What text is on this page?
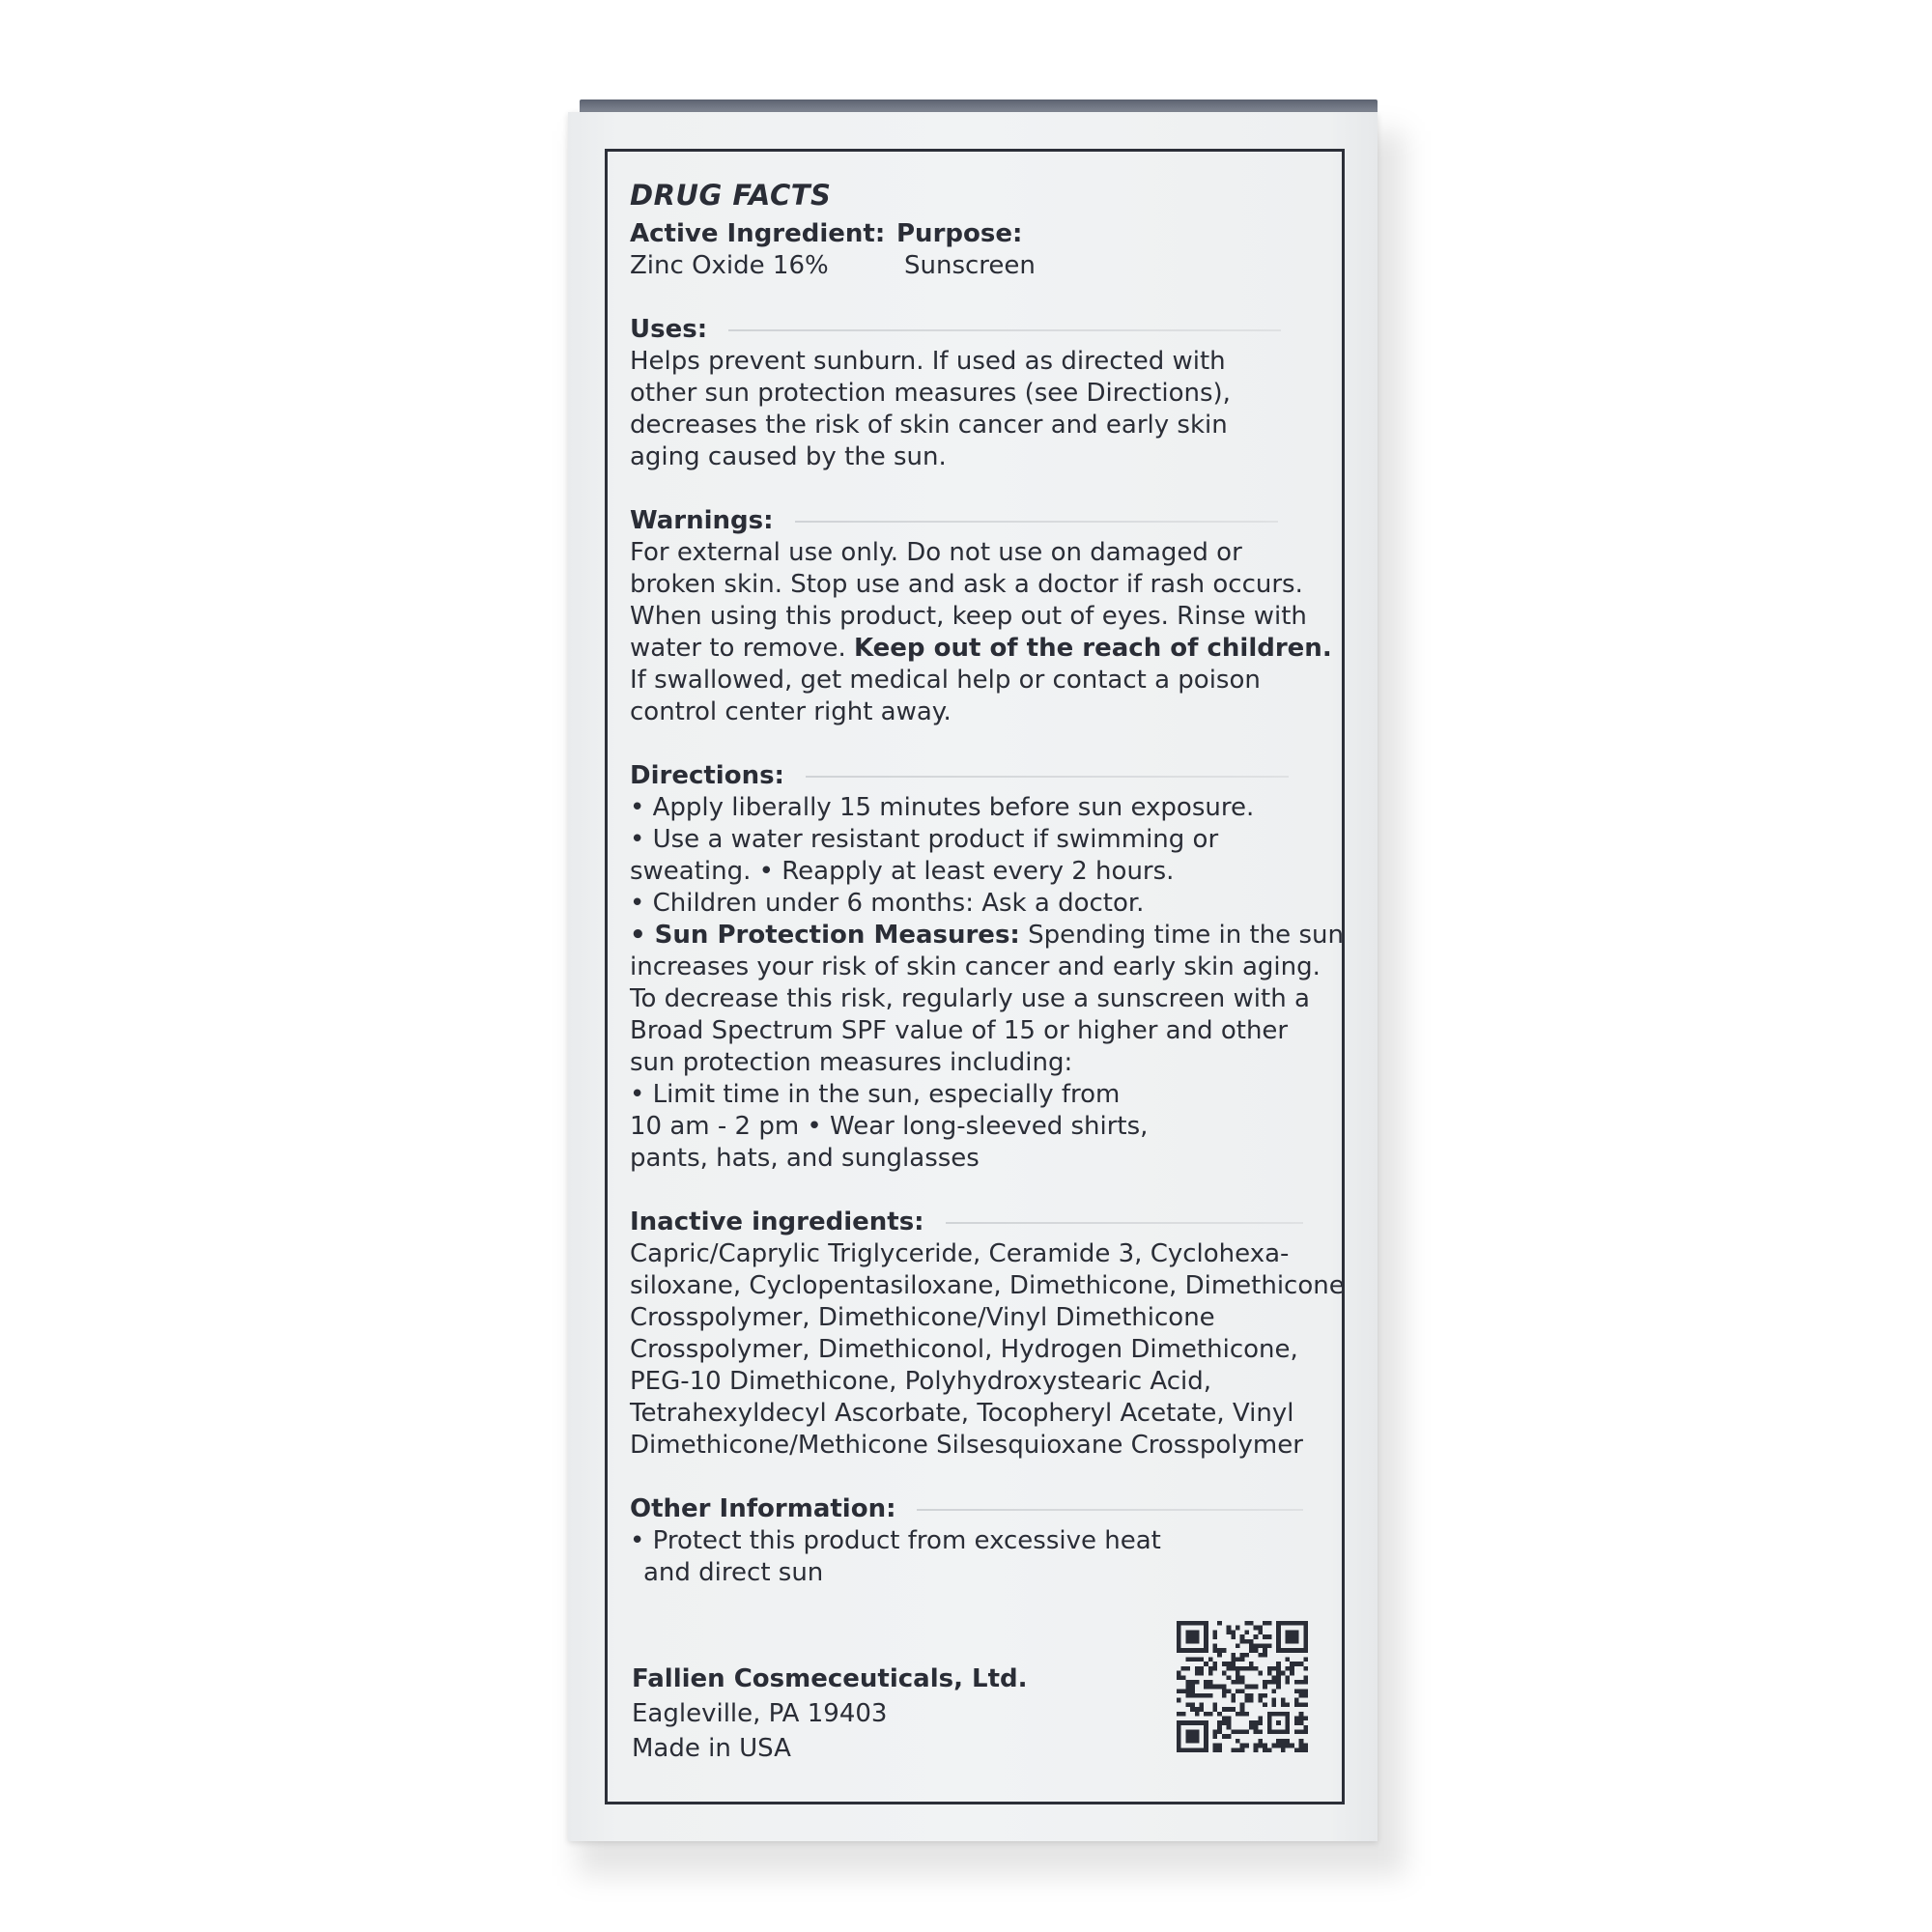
DRUG FACTS
Active Ingredient:
Zinc Oxide 16%
Purpose:
Sunscreen
Uses:
Helps prevent sunburn. If used as directed with
other sun protection measures (see Directions),
decreases the risk of skin cancer and early skin
aging caused by the sun.
Warnings:
For external use only. Do not use on damaged or
broken skin. Stop use and ask a doctor if rash occurs.
When using this product, keep out of eyes. Rinse with
water to remove. Keep out of the reach of children.
If swallowed, get medical help or contact a poison
control center right away.
Directions:
• Apply liberally 15 minutes before sun exposure.
• Use a water resistant product if swimming or
sweating. • Reapply at least every 2 hours.
• Children under 6 months: Ask a doctor.
• Sun Protection Measures: Spending time in the sun
increases your risk of skin cancer and early skin aging.
To decrease this risk, regularly use a sunscreen with a
Broad Spectrum SPF value of 15 or higher and other
sun protection measures including:
• Limit time in the sun, especially from
10 am - 2 pm • Wear long-sleeved shirts,
pants, hats, and sunglasses
Inactive ingredients:
Capric/Caprylic Triglyceride, Ceramide 3, Cyclohexa-
siloxane, Cyclopentasiloxane, Dimethicone, Dimethicone
Crosspolymer, Dimethicone/Vinyl Dimethicone
Crosspolymer, Dimethiconol, Hydrogen Dimethicone,
PEG-10 Dimethicone, Polyhydroxystearic Acid,
Tetrahexyldecyl Ascorbate, Tocopheryl Acetate, Vinyl
Dimethicone/Methicone Silsesquioxane Crosspolymer
Other Information:
• Protect this product from excessive heat
and direct sun
Fallien Cosmeceuticals, Ltd.
Eagleville, PA 19403
Made in USA
